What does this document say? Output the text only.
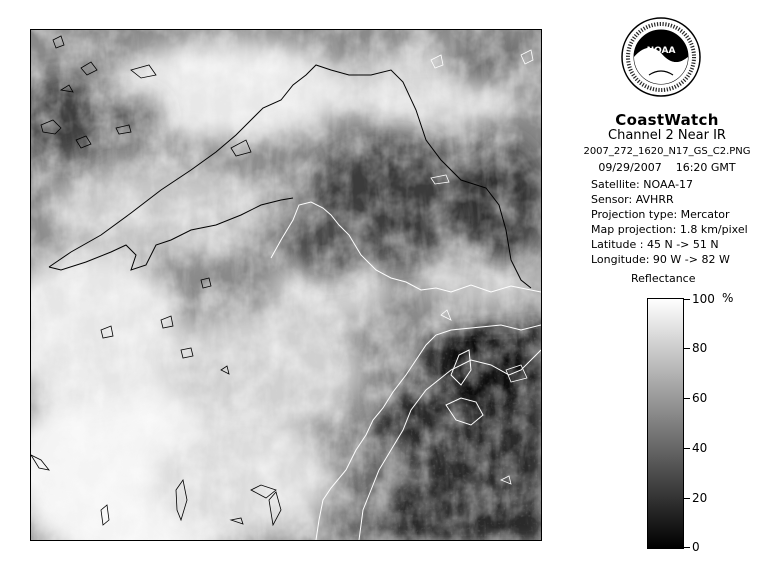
NOAA
CoastWatch
Channel 2 Near IR
2007_272_1620_N17_GS_C2.PNG
09/29/2007    16:20 GMT
Satellite: NOAA-17
Sensor: AVHRR
Projection type: Mercator
Map projection: 1.8 km/pixel
Latitude : 45 N -> 51 N
Longitude: 90 W -> 82 W
Reflectance
%
100
80
60
40
20
0
